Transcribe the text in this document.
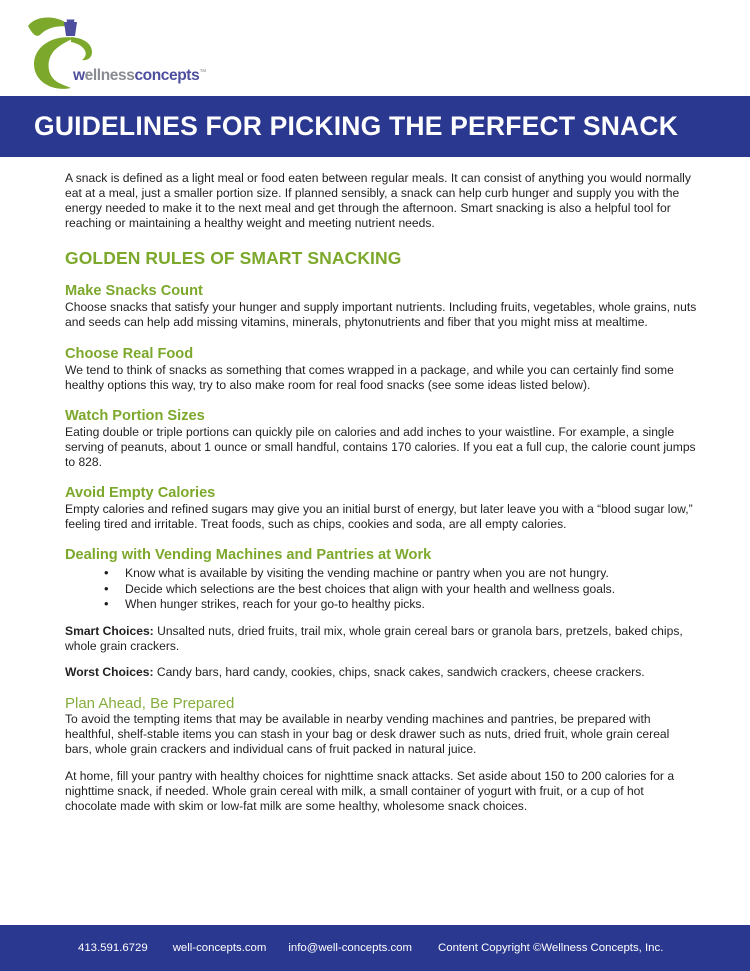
wellnessconcepts™
GUIDELINES FOR PICKING THE PERFECT SNACK

A snack is defined as a light meal or food eaten between regular meals. It can consist of anything you would normally eat at a meal, just a smaller portion size. If planned sensibly, a snack can help curb hunger and supply you with the energy needed to make it to the next meal and get through the afternoon. Smart snacking is also a helpful tool for reaching or maintaining a healthy weight and meeting nutrient needs.

GOLDEN RULES OF SMART SNACKING
Make Snacks Count

Choose snacks that satisfy your hunger and supply important nutrients. Including fruits, vegetables, whole grains, nuts and seeds can help add missing vitamins, minerals, phytonutrients and fiber that you might miss at mealtime.

Choose Real Food

We tend to think of snacks as something that comes wrapped in a package, and while you can certainly find some healthy options this way, try to also make room for real food snacks (see some ideas listed below).

Watch Portion Sizes

Eating double or triple portions can quickly pile on calories and add inches to your waistline. For example, a single serving of peanuts, about 1 ounce or small handful, contains 170 calories. If you eat a full cup, the calorie count jumps to 828.

Avoid Empty Calories

Empty calories and refined sugars may give you an initial burst of energy, but later leave you with a “blood sugar low,” feeling tired and irritable. Treat foods, such as chips, cookies and soda, are all empty calories.

Dealing with Vending Machines and Pantries at Work
• Know what is available by visiting the vending machine or pantry when you are not hungry.
• Decide which selections are the best choices that align with your health and wellness goals.
• When hunger strikes, reach for your go-to healthy picks.

Smart Choices: Unsalted nuts, dried fruits, trail mix, whole grain cereal bars or granola bars, pretzels, baked chips, whole grain crackers.

Worst Choices: Candy bars, hard candy, cookies, chips, snack cakes, sandwich crackers, cheese crackers.

Plan Ahead, Be Prepared

To avoid the tempting items that may be available in nearby vending machines and pantries, be prepared with healthful, shelf-stable items you can stash in your bag or desk drawer such as nuts, dried fruit, whole grain cereal bars, whole grain crackers and individual cans of fruit packed in natural juice.

At home, fill your pantry with healthy choices for nighttime snack attacks. Set aside about 150 to 200 calories for a nighttime snack, if needed. Whole grain cereal with milk, a small container of yogurt with fruit, or a cup of hot chocolate made with skim or low-fat milk are some healthy, wholesome snack choices.

413.591.6729 well-concepts.com info@well-concepts.com Content Copyright ©Wellness Concepts, Inc.
